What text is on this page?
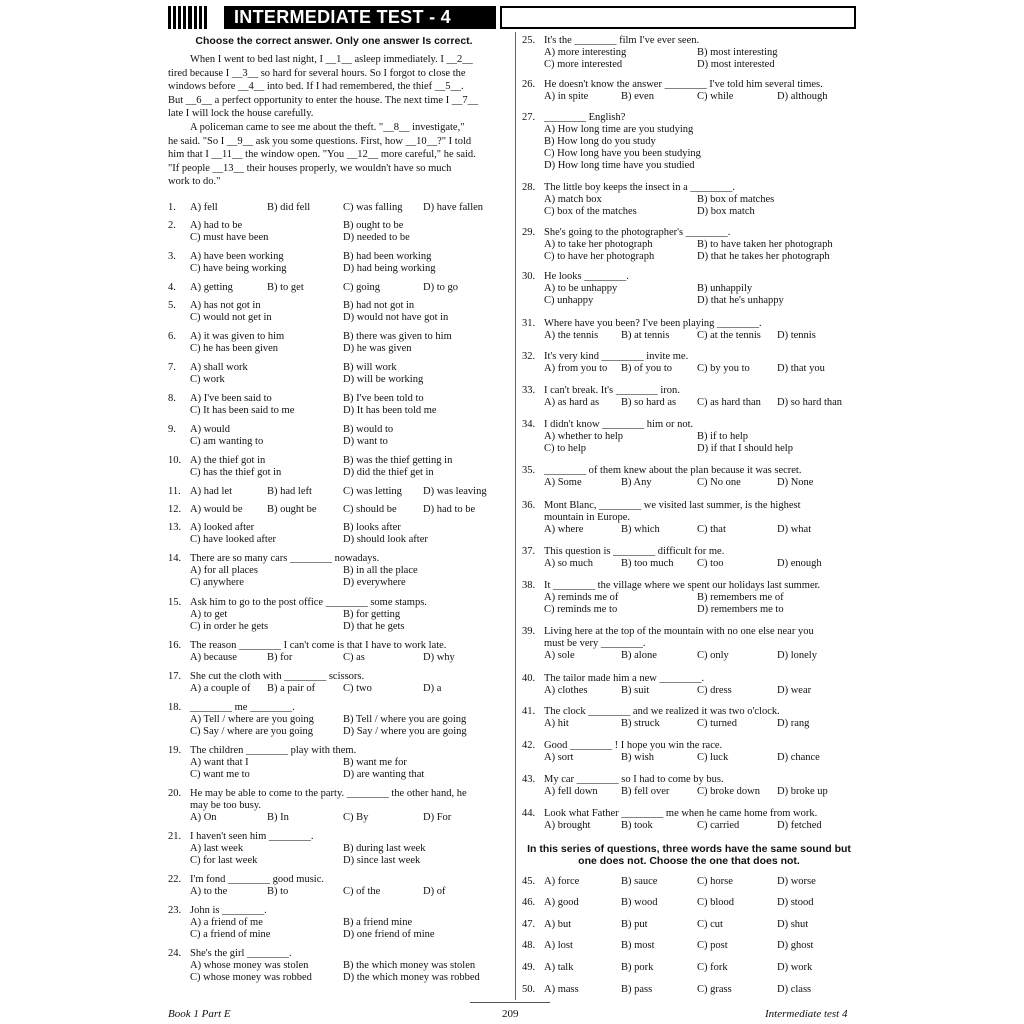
INTERMEDIATE TEST - 4
Choose the correct answer. Only one answer Is correct.
When I went to bed last night, I __1__ asleep immediately. I __2__
tired because I __3__ so hard for several hours. So I forgot to close the
windows before __4__ into bed. If I had remembered, the thief __5__.
But __6__ a perfect opportunity to enter the house. The next time I __7__
late I will lock the house carefully.
A policeman came to see me about the theft. "__8__ investigate,"
he said. "So I __9__ ask you some questions. First, how __10__?" I told
him that I __11__ the window open. "You __12__ more careful," he said.
"If people __13__ their houses properly, we wouldn't have so much
work to do."
1. A) fell	B) did fell	C) was falling D) have fallen
2. A) had to be	B) ought to be
C) must have been	D) needed to be
3. A) have been working	B) had been working
C) have being working	D) had being working
4. A) getting	B) to get	C) going	D) to go
5. A) has not got in	B) had not got in
C) would not get in	D) would not have got in
6. A) it was given to him	B) there was given to him
C) he has been given	D) he was given
7. A) shall work	B) will work
C) work	D) will be working
8. A) I've been said to	B) I've been told to
C) It has been said to me	D) It has been told me
9. A) would	B) would to
C) am wanting to	D) want to
10. A) the thief got in	B) was the thief getting in
C) has the thief got in	D) did the thief get in
11. A) had let	B) had left	C) was letting D) was leaving
12. A) would be B) ought be	C) should be	D) had to be
13. A) looked after	B) looks after
C) have looked after	D) should look after
14. There are so many cars ________ nowadays.
A) for all places	B) in all the place
C) anywhere	D) everywhere
15. Ask him to go to the post office ________ some stamps.
A) to get	B) for getting
C) in order he gets	D) that he gets
16. The reason ________ I can't come is that I have to work late.
A) because	B) for	C) as	D) why
17. She cut the cloth with ________ scissors.
A) a couple of B) a pair of	C) two	D) a
18. ________ me ________.
A) Tell / where are you going	B) Tell / where you are going
C) Say / where are you going	D) Say / where you are going
19. The children ________ play with them.
A) want that I	B) want me for
C) want me to	D) are wanting that
20. He may be able to come to the party. ________ the other hand, he
may be too busy.
A) On	B) In	C) By	D) For
21. I haven't seen him ________.
A) last week	B) during last week
C) for last week	D) since last week
22. I'm fond ________ good music.
A) to the	B) to	C) of the	D) of
23. John is ________.
A) a friend of me	B) a friend mine
C) a friend of mine	D) one friend of mine
24. She's the girl ________.
A) whose money was stolen	B) the which money was stolen
C) whose money was robbed	D) the which money was robbed
25. It's the ________ film I've ever seen.
A) more interesting	B) most interesting
C) more interested	D) most interested
26. He doesn't know the answer ________ I've told him several times.
A) in spite	B) even	C) while	D) although
27. ________ English?
A) How long time are you studying
B) How long do you study
C) How long have you been studying
D) How long time have you studied
28. The little boy keeps the insect in a ________.
A) match box	B) box of matches
C) box of the matches	D) box match
29. She's going to the photographer's ________.
A) to take her photograph	B) to have taken her photograph
C) to have her photograph	D) that he takes her photograph
30. He looks ________.
A) to be unhappy	B) unhappily
C) unhappy	D) that he's unhappy
31. Where have you been? I've been playing ________.
A) the tennis B) at tennis	C) at the tennis D) tennis
32. It's very kind ________ invite me.
A) from you to B) of you to C) by you to	D) that you
33. I can't break. It's ________ iron.
A) as hard as B) so hard as C) as hard than D) so hard than
34. I didn't know ________ him or not.
A) whether to help	B) if to help
C) to help	D) if that I should help
35. ________ of them knew about the plan because it was secret.
A) Some	B) Any	C) No one	D) None
36. Mont Blanc, ________ we visited last summer, is the highest
mountain in Europe.
A) where	B) which	C) that	D) what
37. This question is ________ difficult for me.
A) so much	B) too much C) too	D) enough
38. It ________ the village where we spent our holidays last summer.
A) reminds me of	B) remembers me of
C) reminds me to	D) remembers me to
39. Living here at the top of the mountain with no one else near you
must be very ________.
A) sole	B) alone	C) only	D) lonely
40. The tailor made him a new ________.
A) clothes	B) suit	C) dress	D) wear
41. The clock ________ and we realized it was two o'clock.
A) hit	B) struck	C) turned	D) rang
42. Good ________ ! I hope you win the race.
A) sort	B) wish	C) luck	D) chance
43. My car ________ so I had to come by bus.
A) fell down B) fell over	C) broke down D) broke up
44. Look what Father ________ me when he came home from work.
A) brought	B) took	C) carried	D) fetched
45. A) force	B) sauce	C) horse	D) worse
46. A) good	B) wood	C) blood	D) stood
47. A) but	B) put	C) cut	D) shut
48. A) lost	B) most	C) post	D) ghost
49. A) talk	B) pork	C) fork	D) work
50. A) mass	B) pass	C) grass	D) class
In this series of questions, three words have the same sound but
one does not. Choose the one that does not.
Book 1 Part E	209	Intermediate test 4
